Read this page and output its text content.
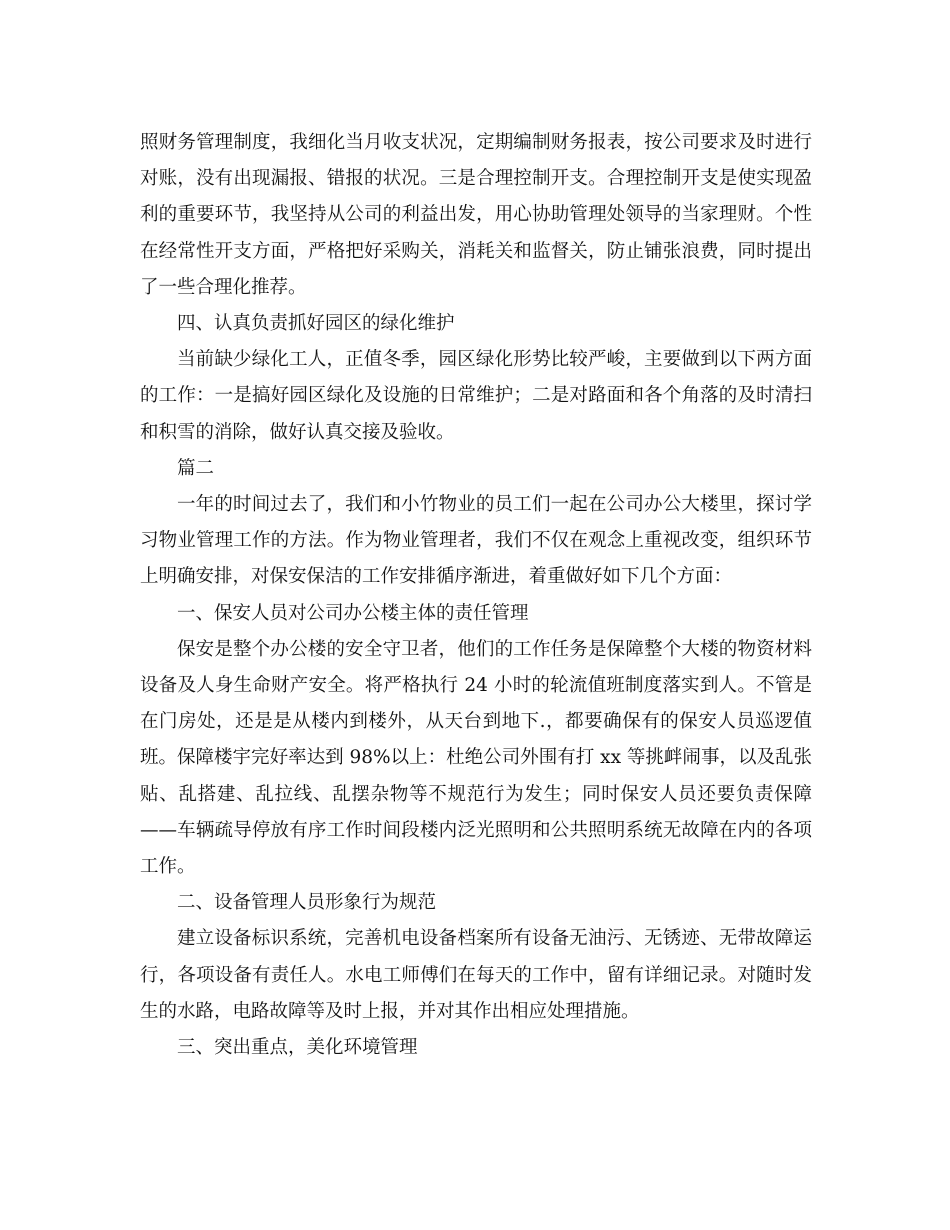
照财务管理制度，我细化当月收支状况，定期编制财务报表，按公司要求及时进行对账，没有出现漏报、错报的状况。三是合理控制开支。合理控制开支是使实现盈利的重要环节，我坚持从公司的利益出发，用心协助管理处领导的当家理财。个性在经常性开支方面，严格把好采购关，消耗关和监督关，防止铺张浪费，同时提出了一些合理化推荐。

四、认真负责抓好园区的绿化维护

当前缺少绿化工人，正值冬季，园区绿化形势比较严峻，主要做到以下两方面的工作：一是搞好园区绿化及设施的日常维护；二是对路面和各个角落的及时清扫和积雪的消除，做好认真交接及验收。

篇二

一年的时间过去了，我们和小竹物业的员工们一起在公司办公大楼里，探讨学习物业管理工作的方法。作为物业管理者，我们不仅在观念上重视改变，组织环节上明确安排，对保安保洁的工作安排循序渐进，着重做好如下几个方面：

一、保安人员对公司办公楼主体的责任管理

保安是整个办公楼的安全守卫者，他们的工作任务是保障整个大楼的物资材料设备及人身生命财产安全。将严格执行 24 小时的轮流值班制度落实到人。不管是在门房处，还是是从楼内到楼外，从天台到地下.，都要确保有的保安人员巡逻值班。保障楼宇完好率达到 98%以上：杜绝公司外围有打 xx 等挑衅闹事，以及乱张贴、乱搭建、乱拉线、乱摆杂物等不规范行为发生；同时保安人员还要负责保障——车辆疏导停放有序工作时间段楼内泛光照明和公共照明系统无故障在内的各项工作。

二、设备管理人员形象行为规范

建立设备标识系统，完善机电设备档案所有设备无油污、无锈迹、无带故障运行，各项设备有责任人。水电工师傅们在每天的工作中，留有详细记录。对随时发生的水路，电路故障等及时上报，并对其作出相应处理措施。

三、突出重点，美化环境管理
